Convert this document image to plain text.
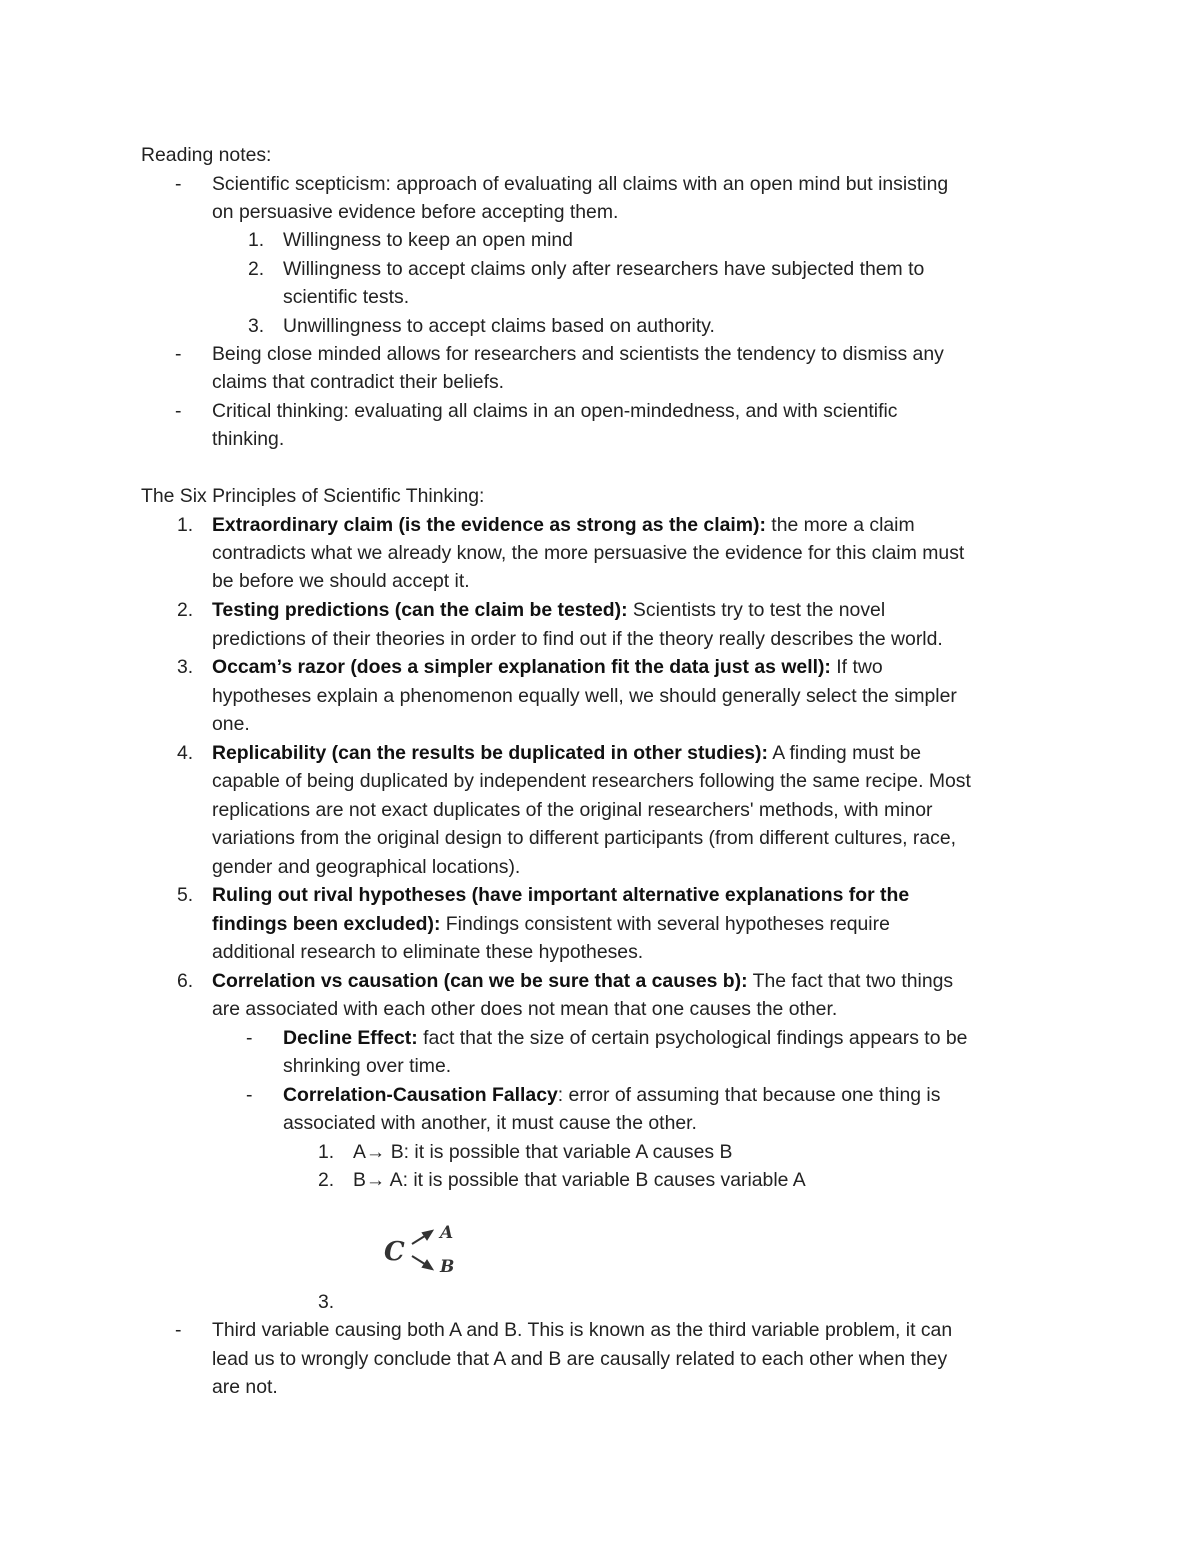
Reading notes:
- Scientific scepticism: approach of evaluating all claims with an open mind but insisting
on persuasive evidence before accepting them.
1. Willingness to keep an open mind
2. Willingness to accept claims only after researchers have subjected them to
scientific tests.
3. Unwillingness to accept claims based on authority.
- Being close minded allows for researchers and scientists the tendency to dismiss any
claims that contradict their beliefs.
- Critical thinking: evaluating all claims in an open-mindedness, and with scientific
thinking.
The Six Principles of Scientific Thinking:
1. Extraordinary claim (is the evidence as strong as the claim): the more a claim
contradicts what we already know, the more persuasive the evidence for this claim must
be before we should accept it.
2. Testing predictions (can the claim be tested): Scientists try to test the novel
predictions of their theories in order to find out if the theory really describes the world.
3. Occam’s razor (does a simpler explanation fit the data just as well): If two
hypotheses explain a phenomenon equally well, we should generally select the simpler
one.
4. Replicability (can the results be duplicated in other studies): A finding must be
capable of being duplicated by independent researchers following the same recipe. Most
replications are not exact duplicates of the original researchers' methods, with minor
variations from the original design to different participants (from different cultures, race,
gender and geographical locations).
5. Ruling out rival hypotheses (have important alternative explanations for the
findings been excluded): Findings consistent with several hypotheses require
additional research to eliminate these hypotheses.
6. Correlation vs causation (can we be sure that a causes b): The fact that two things
are associated with each other does not mean that one causes the other.
- Decline Effect: fact that the size of certain psychological findings appears to be
shrinking over time.
- Correlation-Causation Fallacy: error of assuming that because one thing is
associated with another, it must cause the other.
1. A→ B: it is possible that variable A causes B
2. B→ A: it is possible that variable B causes variable A
C
A
B
3.
- Third variable causing both A and B. This is known as the third variable problem, it can
lead us to wrongly conclude that A and B are causally related to each other when they
are not.
